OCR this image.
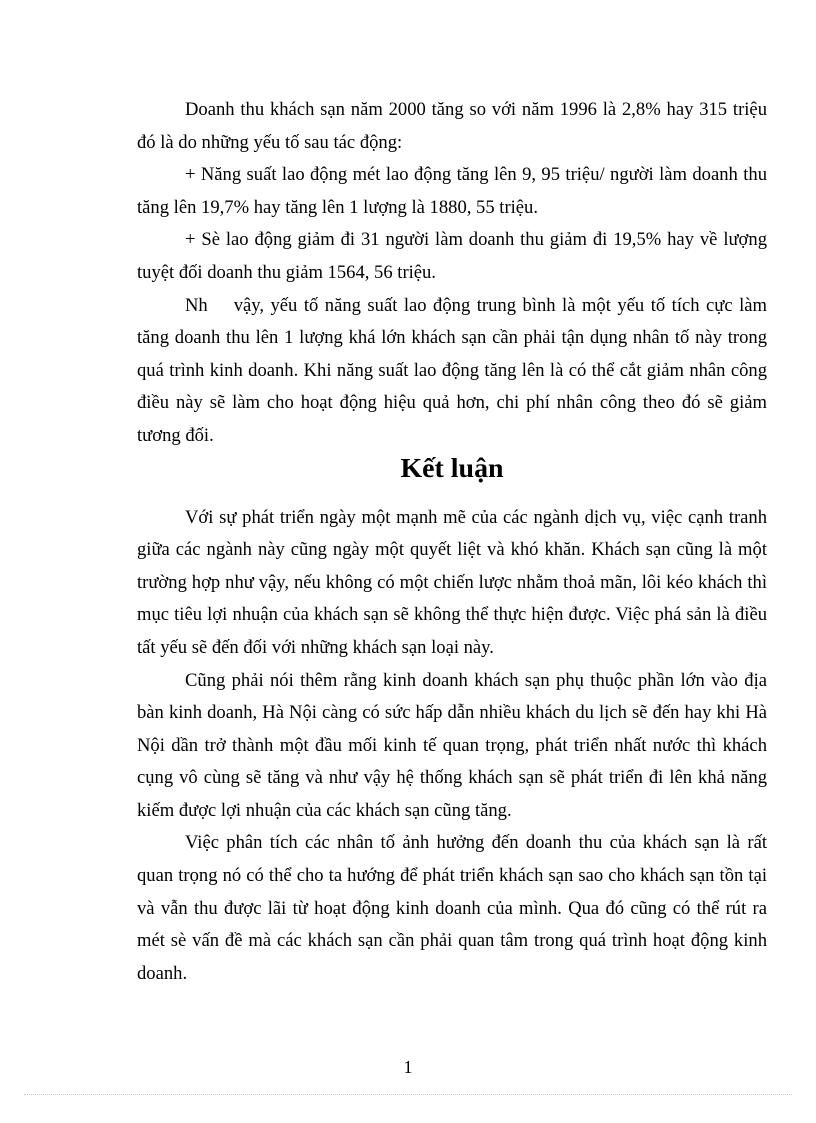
Doanh thu khách sạn năm 2000 tăng so với năm 1996 là 2,8% hay 315 triệu đó là do những yếu tố sau tác động:

+ Năng suất lao động mét lao động tăng lên 9, 95 triệu/ người làm doanh thu tăng lên 19,7% hay tăng lên 1 lượng là 1880, 55 triệu.

+ Sè lao động giảm đi 31 người làm doanh thu giảm đi 19,5% hay về lượng tuyệt đối doanh thu giảm 1564, 56 triệu.

Nh    vậy, yếu tố năng suất lao động trung bình là một yếu tố tích cực làm tăng doanh thu lên 1 lượng khá lớn khách sạn cần phải tận dụng nhân tố này trong quá trình kinh doanh. Khi năng suất lao động tăng lên là có thể cắt giảm nhân công điều này sẽ làm cho hoạt động hiệu quả hơn, chi phí nhân công theo đó sẽ giảm tương đối.

Kết luận

Với sự phát triển ngày một mạnh mẽ của các ngành dịch vụ, việc cạnh tranh giữa các ngành này cũng ngày một quyết liệt và khó khăn. Khách sạn cũng là một trường hợp như vậy, nếu không có một chiến lược nhằm thoả mãn, lôi kéo khách thì mục tiêu lợi nhuận của khách sạn sẽ không thể thực hiện được. Việc phá sản là điều tất yếu sẽ đến đối với những khách sạn loại này.

Cũng phải nói thêm rằng kinh doanh khách sạn phụ thuộc phần lớn vào địa bàn kinh doanh, Hà Nội càng có sức hấp dẫn nhiều khách du lịch sẽ đến hay khi Hà Nội dần trở thành một đầu mối kinh tế quan trọng, phát triển nhất nước thì khách cụng vô cùng sẽ tăng và như vậy hệ thống khách sạn sẽ phát triển đi lên khả năng kiếm được lợi nhuận của các khách sạn cũng tăng.

Việc phân tích các nhân tố ảnh hưởng đến doanh thu của khách sạn là rất quan trọng nó có thể cho ta hướng để phát triển khách sạn sao cho khách sạn tồn tại và vẫn thu được lãi từ hoạt động kinh doanh của mình. Qua đó cũng có thể rút ra mét sè vấn đề mà các khách sạn cần phải quan tâm trong quá trình hoạt động kinh doanh.

1
